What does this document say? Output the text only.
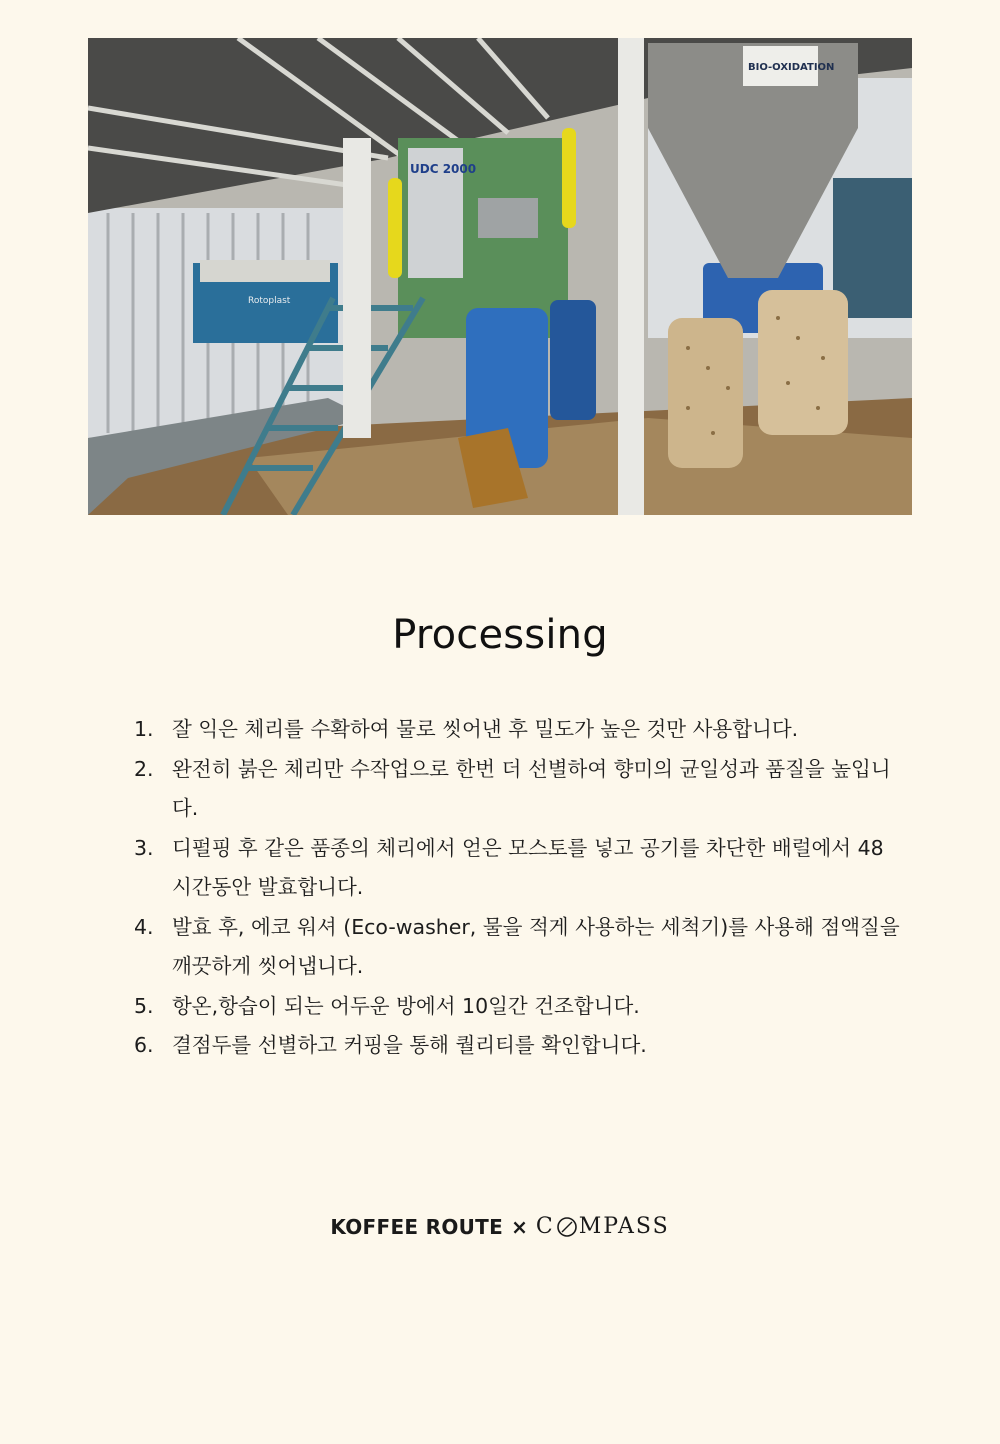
Rotoplast
UDC 2000
BIO-OXIDATION
Processing
1. 잘 익은 체리를 수확하여 물로 씻어낸 후 밀도가 높은 것만 사용합니다.
2. 완전히 붉은 체리만 수작업으로 한번 더 선별하여 향미의 균일성과 품질을 높입니다.
3. 디펄핑 후 같은 품종의 체리에서 얻은 모스토를 넣고 공기를 차단한 배럴에서 48시간동안 발효합니다.
4. 발효 후, 에코 워셔 (Eco-washer, 물을 적게 사용하는 세척기)를 사용해 점액질을 깨끗하게 씻어냅니다.
5. 항온,항습이 되는 어두운 방에서 10일간 건조합니다.
6. 결점두를 선별하고 커핑을 통해 퀄리티를 확인합니다.
KOFFEE ROUTE × C MPASS
